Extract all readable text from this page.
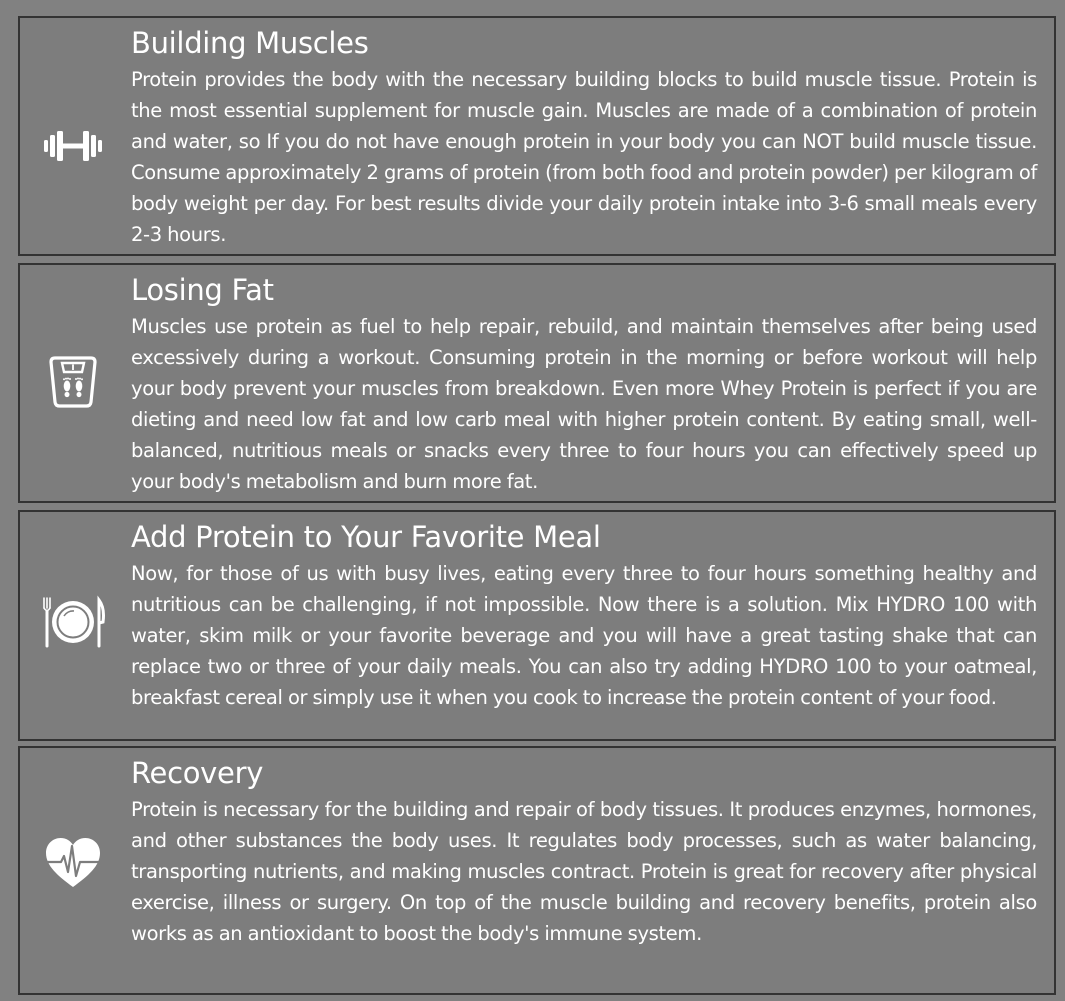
Building Muscles

Protein provides the body with the necessary building blocks to build muscle tissue. Protein is the most essential supplement for muscle gain. Muscles are made of a combination of protein and water, so If you do not have enough protein in your body you can NOT build muscle tissue. Consume approximately 2 grams of protein (from both food and protein powder) per kilogram of body weight per day. For best results divide your daily protein intake into 3-6 small meals every 2-3 hours.

Losing Fat

Muscles use protein as fuel to help repair, rebuild, and maintain themselves after being used excessively during a workout. Consuming protein in the morning or before workout will help your body prevent your muscles from breakdown. Even more Whey Protein is perfect if you are dieting and need low fat and low carb meal with higher protein content. By eating small, well-balanced, nutritious meals or snacks every three to four hours you can effectively speed up your body's metabolism and burn more fat.

Add Protein to Your Favorite Meal

Now, for those of us with busy lives, eating every three to four hours something healthy and nutritious can be challenging, if not impossible. Now there is a solution. Mix HYDRO 100 with water, skim milk or your favorite beverage and you will have a great tasting shake that can replace two or three of your daily meals. You can also try adding HYDRO 100 to your oatmeal, breakfast cereal or simply use it when you cook to increase the protein content of your food.

Recovery

Protein is necessary for the building and repair of body tissues. It produces enzymes, hormones, and other substances the body uses. It regulates body processes, such as water balancing, transporting nutrients, and making muscles contract. Protein is great for recovery after physical exercise, illness or surgery. On top of the muscle building and recovery benefits, protein also works as an antioxidant to boost the body's immune system.
